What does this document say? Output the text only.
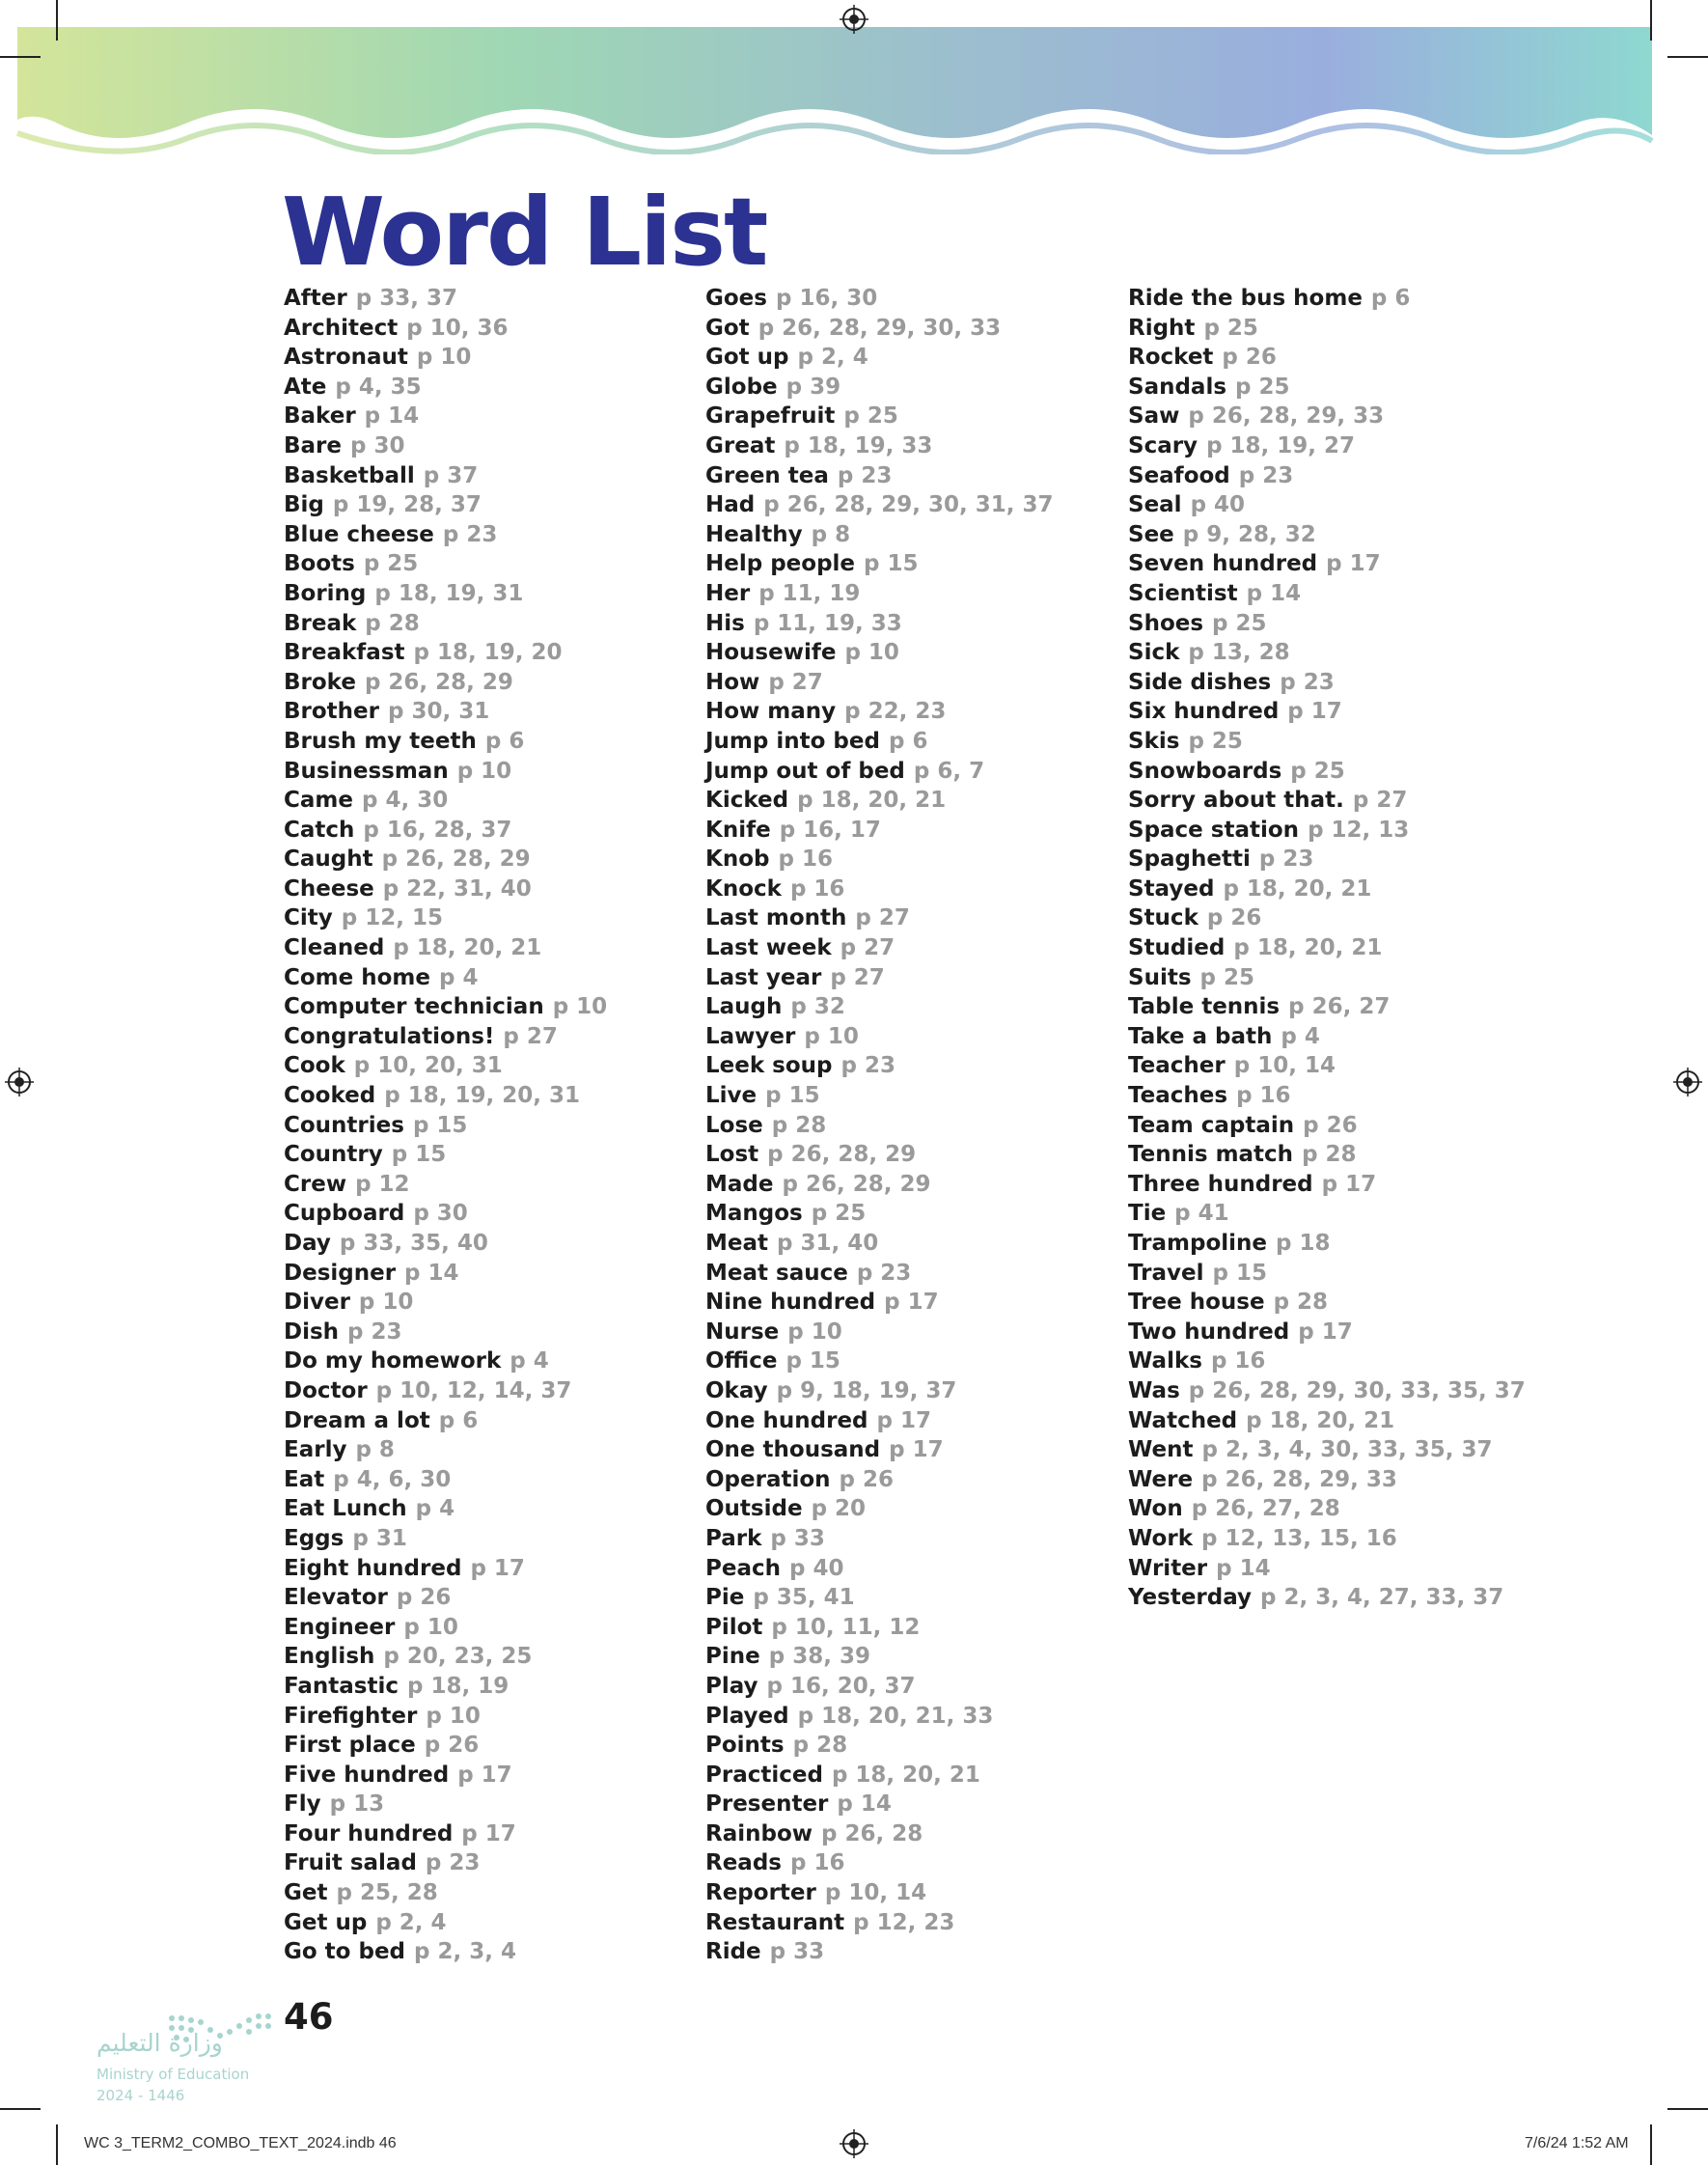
Word List
After p 33, 37
Architect p 10, 36
Astronaut p 10
Ate p 4, 35
Baker p 14
Bare p 30
Basketball p 37
Big p 19, 28, 37
Blue cheese p 23
Boots p 25
Boring p 18, 19, 31
Break p 28
Breakfast p 18, 19, 20
Broke p 26, 28, 29
Brother p 30, 31
Brush my teeth p 6
Businessman p 10
Came p 4, 30
Catch p 16, 28, 37
Caught p 26, 28, 29
Cheese p 22, 31, 40
City p 12, 15
Cleaned p 18, 20, 21
Come home p 4
Computer technician p 10
Congratulations! p 27
Cook p 10, 20, 31
Cooked p 18, 19, 20, 31
Countries p 15
Country p 15
Crew p 12
Cupboard p 30
Day p 33, 35, 40
Designer p 14
Diver p 10
Dish p 23
Do my homework p 4
Doctor p 10, 12, 14, 37
Dream a lot p 6
Early p 8
Eat p 4, 6, 30
Eat Lunch p 4
Eggs p 31
Eight hundred p 17
Elevator p 26
Engineer p 10
English p 20, 23, 25
Fantastic p 18, 19
Firefighter p 10
First place p 26
Five hundred p 17
Fly p 13
Four hundred p 17
Fruit salad p 23
Get p 25, 28
Get up p 2, 4
Go to bed p 2, 3, 4
Goes p 16, 30
Got p 26, 28, 29, 30, 33
Got up p 2, 4
Globe p 39
Grapefruit p 25
Great p 18, 19, 33
Green tea p 23
Had p 26, 28, 29, 30, 31, 37
Healthy p 8
Help people p 15
Her p 11, 19
His p 11, 19, 33
Housewife p 10
How p 27
How many p 22, 23
Jump into bed p 6
Jump out of bed p 6, 7
Kicked p 18, 20, 21
Knife p 16, 17
Knob p 16
Knock p 16
Last month p 27
Last week p 27
Last year p 27
Laugh p 32
Lawyer p 10
Leek soup p 23
Live p 15
Lose p 28
Lost p 26, 28, 29
Made p 26, 28, 29
Mangos p 25
Meat p 31, 40
Meat sauce p 23
Nine hundred p 17
Nurse p 10
Office p 15
Okay p 9, 18, 19, 37
One hundred p 17
One thousand p 17
Operation p 26
Outside p 20
Park p 33
Peach p 40
Pie p 35, 41
Pilot p 10, 11, 12
Pine p 38, 39
Play p 16, 20, 37
Played p 18, 20, 21, 33
Points p 28
Practiced p 18, 20, 21
Presenter p 14
Rainbow p 26, 28
Reads p 16
Reporter p 10, 14
Restaurant p 12, 23
Ride p 33
Ride the bus home p 6
Right p 25
Rocket p 26
Sandals p 25
Saw p 26, 28, 29, 33
Scary p 18, 19, 27
Seafood p 23
Seal p 40
See p 9, 28, 32
Seven hundred p 17
Scientist p 14
Shoes p 25
Sick p 13, 28
Side dishes p 23
Six hundred p 17
Skis p 25
Snowboards p 25
Sorry about that. p 27
Space station p 12, 13
Spaghetti p 23
Stayed p 18, 20, 21
Stuck p 26
Studied p 18, 20, 21
Suits p 25
Table tennis p 26, 27
Take a bath p 4
Teacher p 10, 14
Teaches p 16
Team captain p 26
Tennis match p 28
Three hundred p 17
Tie p 41
Trampoline p 18
Travel p 15
Tree house p 28
Two hundred p 17
Walks p 16
Was p 26, 28, 29, 30, 33, 35, 37
Watched p 18, 20, 21
Went p 2, 3, 4, 30, 33, 35, 37
Were p 26, 28, 29, 33
Won p 26, 27, 28
Work p 12, 13, 15, 16
Writer p 14
Yesterday p 2, 3, 4, 27, 33, 37
وزارة التعليم
Ministry of Education
2024 - 1446

46

WC 3_TERM2_COMBO_TEXT_2024.indb 46	7/6/24 1:52 AM
